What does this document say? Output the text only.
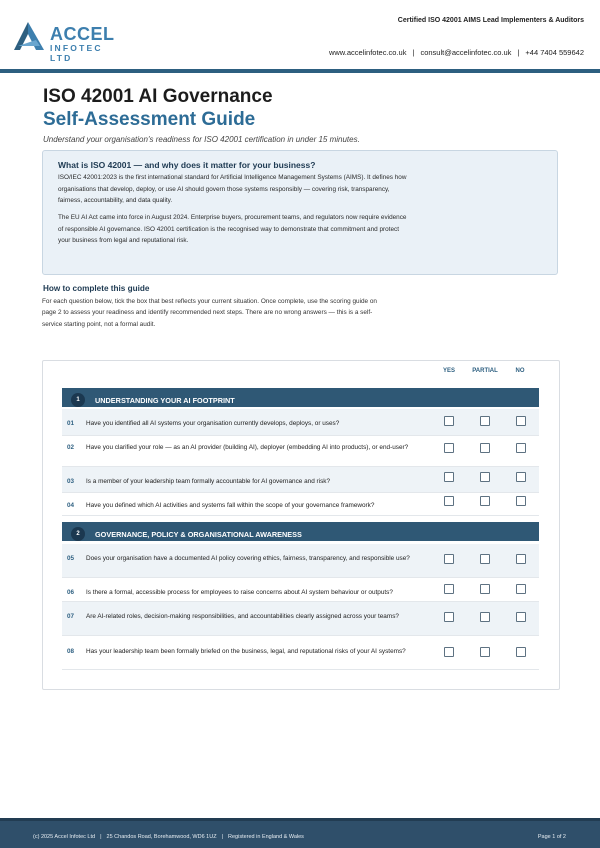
ACCEL
INFOTEC LTD
Certified ISO 42001 AIMS Lead Implementers & Auditors
www.accelinfotec.co.uk | consult@accelinfotec.co.uk | +44 7404 559642
ISO 42001 AI Governance
Self-Assessment Guide
Understand your organisation's readiness for ISO 42001 certification in under 15 minutes.
What is ISO 42001 — and why does it matter for your business?
ISO/IEC 42001:2023 is the first international standard for Artificial Intelligence Management Systems (AIMS). It defines how organisations that develop, deploy, or use AI should govern those systems responsibly — covering risk, transparency, fairness, accountability, and data quality.
The EU AI Act came into force in August 2024. Enterprise buyers, procurement teams, and regulators now require evidence of responsible AI governance. ISO 42001 certification is the recognised way to demonstrate that commitment and protect your business from legal and reputational risk.
How to complete this guide
For each question below, tick the box that best reflects your current situation. Once complete, use the scoring guide on page 2 to assess your readiness and identify recommended next steps. There are no wrong answers — this is a self-service starting point, not a formal audit.
YES	PARTIAL	NO
1	UNDERSTANDING YOUR AI FOOTPRINT
01 Have you identified all AI systems your organisation currently develops, deploys, or uses?
02 Have you clarified your role — as an AI provider (building AI), deployer (embedding AI into products), or end-user?
03 Is a member of your leadership team formally accountable for AI governance and risk?
04 Have you defined which AI activities and systems fall within the scope of your governance framework?
2	GOVERNANCE, POLICY & ORGANISATIONAL AWARENESS
05 Does your organisation have a documented AI policy covering ethics, fairness, transparency, and responsible use?
06 Is there a formal, accessible process for employees to raise concerns about AI system behaviour or outputs?
07 Are AI-related roles, decision-making responsibilities, and accountabilities clearly assigned across your teams?
08 Has your leadership team been formally briefed on the business, legal, and reputational risks of your AI systems?
(c) 2025 Accel Infotec Ltd | 25 Chandos Road, Borehamwood, WD6 1UZ | Registered in England & Wales	Page 1 of 2
